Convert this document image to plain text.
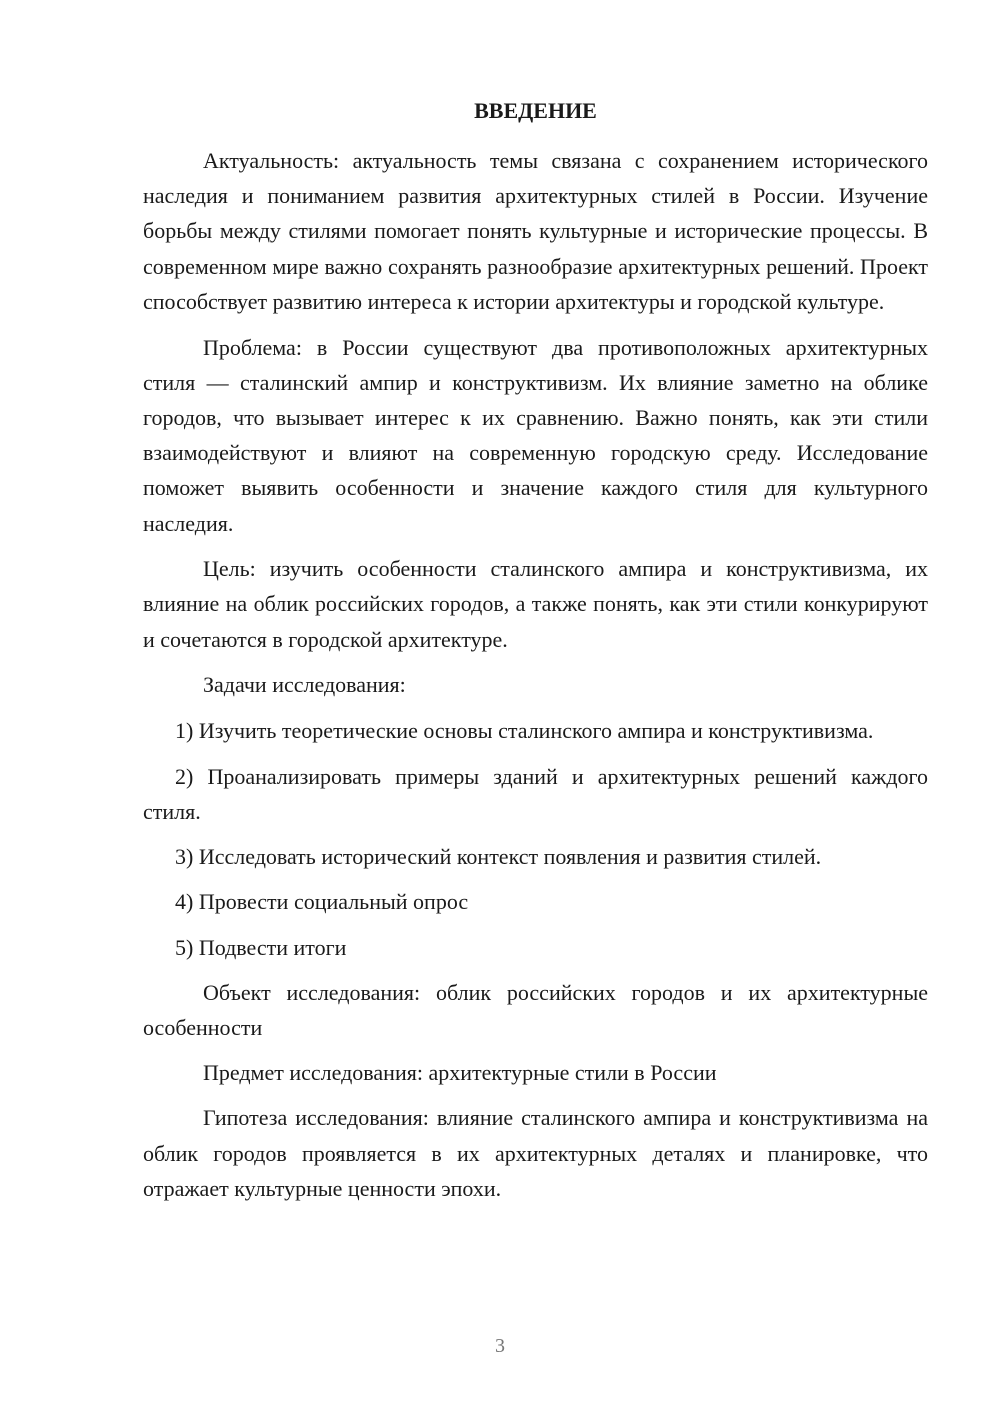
ВВЕДЕНИЕ

Актуальность: актуальность темы связана с сохранением исторического наследия и пониманием развития архитектурных стилей в России. Изучение борьбы между стилями помогает понять культурные и исторические процессы. В современном мире важно сохранять разнообразие архитектурных решений. Проект способствует развитию интереса к истории архитектуры и городской культуре.

Проблема: в России существуют два противоположных архитектурных стиля — сталинский ампир и конструктивизм. Их влияние заметно на облике городов, что вызывает интерес к их сравнению. Важно понять, как эти стили взаимодействуют и влияют на современную городскую среду. Исследование поможет выявить особенности и значение каждого стиля для культурного наследия.

Цель: изучить особенности сталинского ампира и конструктивизма, их влияние на облик российских городов, а также понять, как эти стили конкурируют и сочетаются в городской архитектуре.

Задачи исследования:

1) Изучить теоретические основы сталинского ампира и конструктивизма.

2) Проанализировать примеры зданий и архитектурных решений каждого стиля.

3) Исследовать исторический контекст появления и развития стилей.

4) Провести социальный опрос

5) Подвести итоги

Объект исследования: облик российских городов и их архитектурные особенности

Предмет исследования: архитектурные стили в России

Гипотеза исследования: влияние сталинского ампира и конструктивизма на облик городов проявляется в их архитектурных деталях и планировке, что отражает культурные ценности эпохи.

3
